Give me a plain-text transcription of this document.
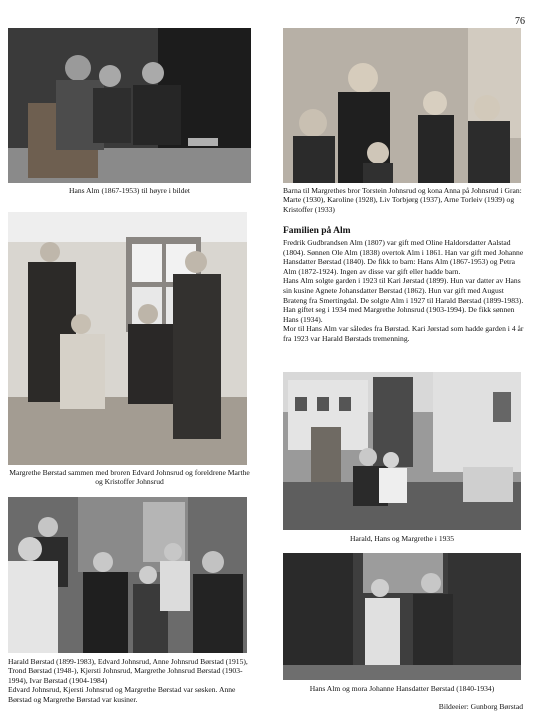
76
Hans Alm (1867-1953) til høyre i bildet	Barna til Margrethes bror Torstein Johnsrud og kona Anna på Johnsrud i Gran: Marte (1930), Karoline (1928), Liv Torbjørg (1937), Arne Torleiv (1939) og Kristoffer (1933)
Margrethe Børstad sammen med broren Edvard Johnsrud og foreldrene Marthe og Kristoffer Johnsrud
Harald, Hans og Margrethe i 1935
Harald Børstad (1899-1983), Edvard Johnsrud, Anne Johnsrud Børstad (1915), Trond Børstad (1948-), Kjersti Johnsrud, Margrethe Johnsrud Børstad (1903-1994), Ivar Børstad (1904-1984)
Edvard Johnsrud, Kjersti Johnsrud og Margrethe Børstad var søsken. Anne Børstad og Margrethe Børstad var kusiner.
Hans Alm og mora Johanne Hansdatter Børstad (1840-1934)
Familien på Alm

Fredrik Gudbrandsen Alm (1807) var gift med Oline Haldorsdatter Aalstad (1804). Sønnen Ole Alm (1838) overtok Alm i 1861. Han var gift med Johanne Hansdatter Børstad (1840). De fikk to barn: Hans Alm (1867-1953) og Petra Alm (1872-1924). Ingen av disse var gift eller hadde barn.

Hans Alm solgte garden i 1923 til Kari Jørstad (1899). Hun var datter av Hans sin kusine Agnete Johansdatter Børstad (1862). Hun var gift med August Brateng fra Smertingdal. De solgte Alm i 1927 til Harald Børstad (1899-1983). Han giftet seg i 1934 med Margrethe Johnsrud (1903-1994). De fikk sønnen Hans (1934).

Mor til Hans Alm var således fra Børstad. Kari Jørstad som hadde garden i 4 år fra 1923 var Harald Børstads tremenning.

Bildeeier: Gunborg Børstad
